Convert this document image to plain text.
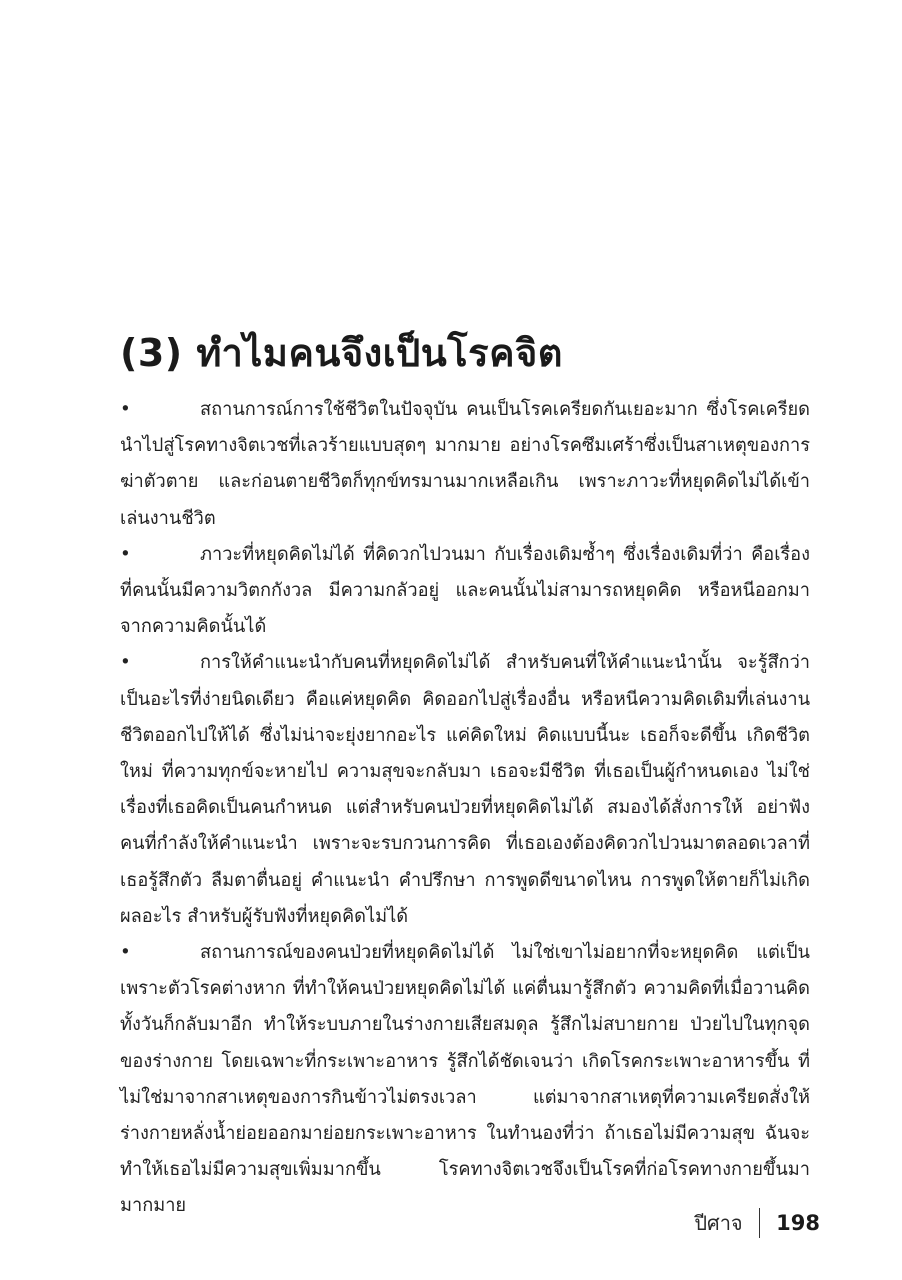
(3) ทำไมคนจึงเป็นโรคจิต

•	สถานการณ์การใช้ชีวิตในปัจจุบัน คนเป็นโรคเครียดกันเยอะมาก ซึ่งโรคเครียดนำไปสู่โรคทางจิตเวชที่เลวร้ายแบบสุดๆ มากมาย อย่างโรคซึมเศร้าซึ่งเป็นสาเหตุของการฆ่าตัวตาย และก่อนตายชีวิตก็ทุกข์ทรมานมากเหลือเกิน เพราะภาวะที่หยุดคิดไม่ได้เข้าเล่นงานชีวิต

•	ภาวะที่หยุดคิดไม่ได้ ที่คิดวกไปวนมา กับเรื่องเดิมซ้ำๆ ซึ่งเรื่องเดิมที่ว่า คือเรื่องที่คนนั้นมีความวิตกกังวล มีความกลัวอยู่ และคนนั้นไม่สามารถหยุดคิด หรือหนีออกมาจากความคิดนั้นได้

•	การให้คำแนะนำกับคนที่หยุดคิดไม่ได้ สำหรับคนที่ให้คำแนะนำนั้น จะรู้สึกว่าเป็นอะไรที่ง่ายนิดเดียว คือแค่หยุดคิด คิดออกไปสู่เรื่องอื่น หรือหนีความคิดเดิมที่เล่นงานชีวิตออกไปให้ได้ ซึ่งไม่น่าจะยุ่งยากอะไร แค่คิดใหม่ คิดแบบนี้นะ เธอก็จะดีขึ้น เกิดชีวิตใหม่ ที่ความทุกข์จะหายไป ความสุขจะกลับมา เธอจะมีชีวิต ที่เธอเป็นผู้กำหนดเอง ไม่ใช่เรื่องที่เธอคิดเป็นคนกำหนด แต่สำหรับคนป่วยที่หยุดคิดไม่ได้ สมองได้สั่งการให้ อย่าฟังคนที่กำลังให้คำแนะนำ เพราะจะรบกวนการคิด ที่เธอเองต้องคิดวกไปวนมาตลอดเวลาที่เธอรู้สึกตัว ลืมตาตื่นอยู่ คำแนะนำ คำปรึกษา การพูดดีขนาดไหน การพูดให้ตายก็ไม่เกิดผลอะไร สำหรับผู้รับฟังที่หยุดคิดไม่ได้

•	สถานการณ์ของคนป่วยที่หยุดคิดไม่ได้ ไม่ใช่เขาไม่อยากที่จะหยุดคิด แต่เป็นเพราะตัวโรคต่างหาก ที่ทำให้คนป่วยหยุดคิดไม่ได้ แค่ตื่นมารู้สึกตัว ความคิดที่เมื่อวานคิดทั้งวันก็กลับมาอีก ทำให้ระบบภายในร่างกายเสียสมดุล รู้สึกไม่สบายกาย ป่วยไปในทุกจุดของร่างกาย โดยเฉพาะที่กระเพาะอาหาร รู้สึกได้ชัดเจนว่า เกิดโรคกระเพาะอาหารขึ้น ที่ไม่ใช่มาจากสาเหตุของการกินข้าวไม่ตรงเวลา แต่มาจากสาเหตุที่ความเครียดสั่งให้ร่างกายหลั่งน้ำย่อยออกมาย่อยกระเพาะอาหาร ในทำนองที่ว่า ถ้าเธอไม่มีความสุข ฉันจะทำให้เธอไม่มีความสุขเพิ่มมากขึ้น โรคทางจิตเวชจึงเป็นโรคที่ก่อโรคทางกายขึ้นมามากมาย

ปีศาจ 198
